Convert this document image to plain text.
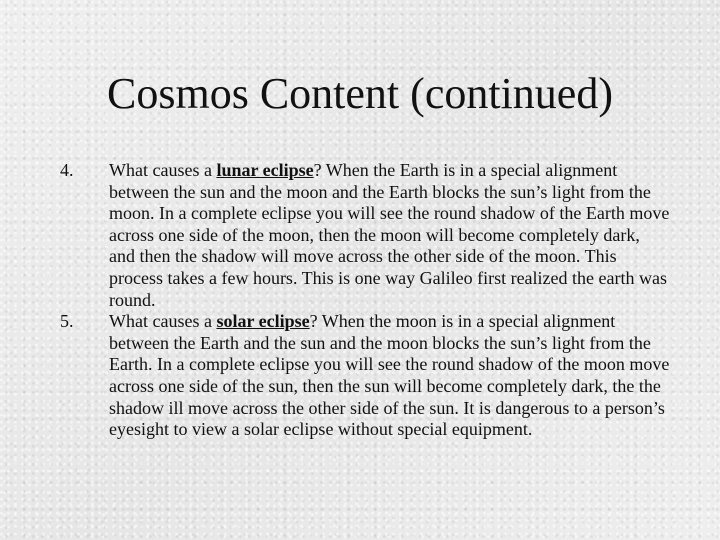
Cosmos Content (continued)
4. What causes a lunar eclipse? When the Earth is in a special alignment between the sun and the moon and the Earth blocks the sun’s light from the moon. In a complete eclipse you will see the round shadow of the Earth move across one side of the moon, then the moon will become completely dark, and then the shadow will move across the other side of the moon. This process takes a few hours. This is one way Galileo first realized the earth was round.
5. What causes a solar eclipse? When the moon is in a special alignment between the Earth and the sun and the moon blocks the sun’s light from the Earth. In a complete eclipse you will see the round shadow of the moon move across one side of the sun, then the sun will become completely dark, the the shadow ill move across the other side of the sun. It is dangerous to a person’s eyesight to view a solar eclipse without special equipment.
